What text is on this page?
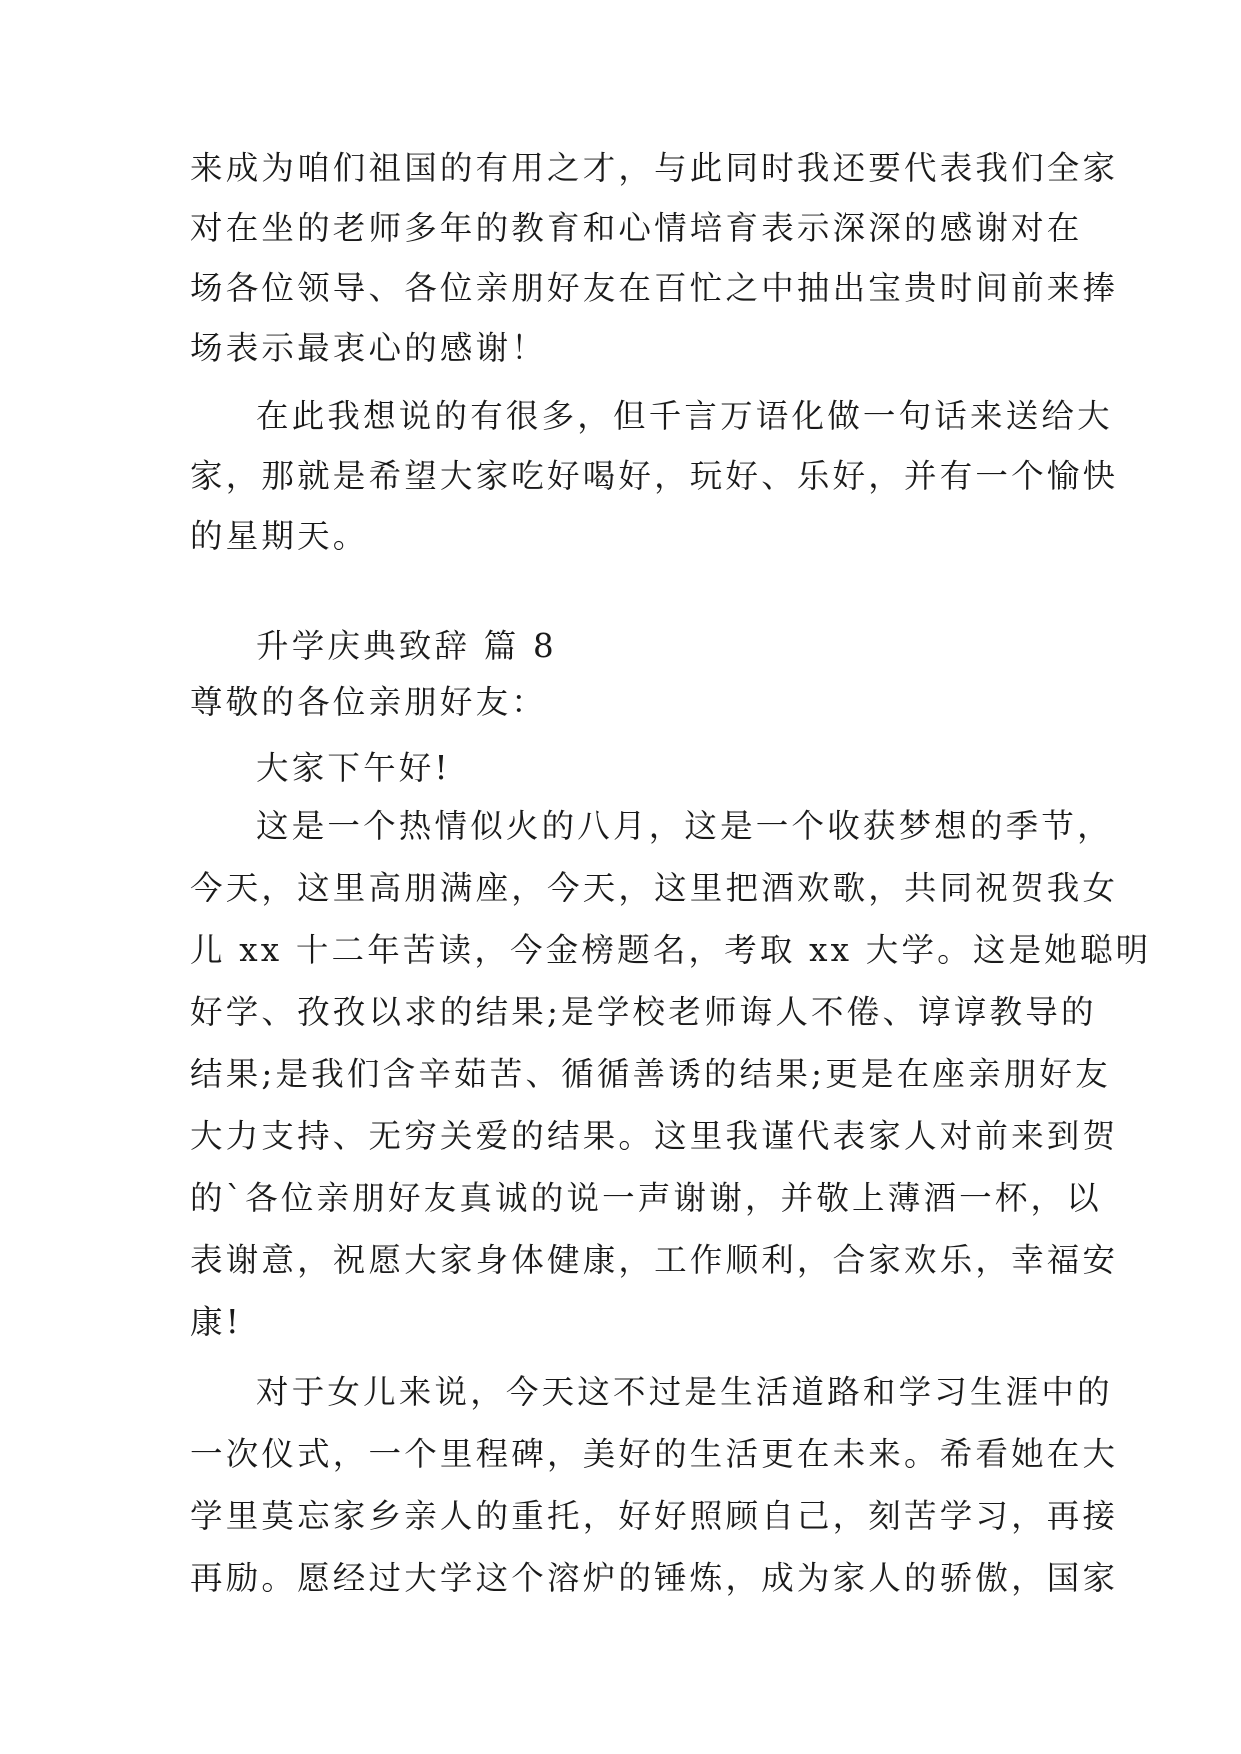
来成为咱们祖国的有用之才，与此同时我还要代表我们全家
对在坐的老师多年的教育和心情培育表示深深的感谢对在
场各位领导、各位亲朋好友在百忙之中抽出宝贵时间前来捧
场表示最衷心的感谢！
在此我想说的有很多，但千言万语化做一句话来送给大
家，那就是希望大家吃好喝好，玩好、乐好，并有一个愉快
的星期天。
升学庆典致辞 篇 8
尊敬的各位亲朋好友：
大家下午好!
这是一个热情似火的八月，这是一个收获梦想的季节，
今天，这里高朋满座，今天，这里把酒欢歌，共同祝贺我女
儿 xx 十二年苦读，今金榜题名，考取 xx 大学。这是她聪明
好学、孜孜以求的结果;是学校老师诲人不倦、谆谆教导的
结果;是我们含辛茹苦、循循善诱的结果;更是在座亲朋好友
大力支持、无穷关爱的结果。这里我谨代表家人对前来到贺
的`各位亲朋好友真诚的说一声谢谢，并敬上薄酒一杯，以
表谢意，祝愿大家身体健康，工作顺利，合家欢乐，幸福安
康!
对于女儿来说，今天这不过是生活道路和学习生涯中的
一次仪式，一个里程碑，美好的生活更在未来。希看她在大
学里莫忘家乡亲人的重托，好好照顾自己，刻苦学习，再接
再励。愿经过大学这个溶炉的锤炼，成为家人的骄傲，国家
